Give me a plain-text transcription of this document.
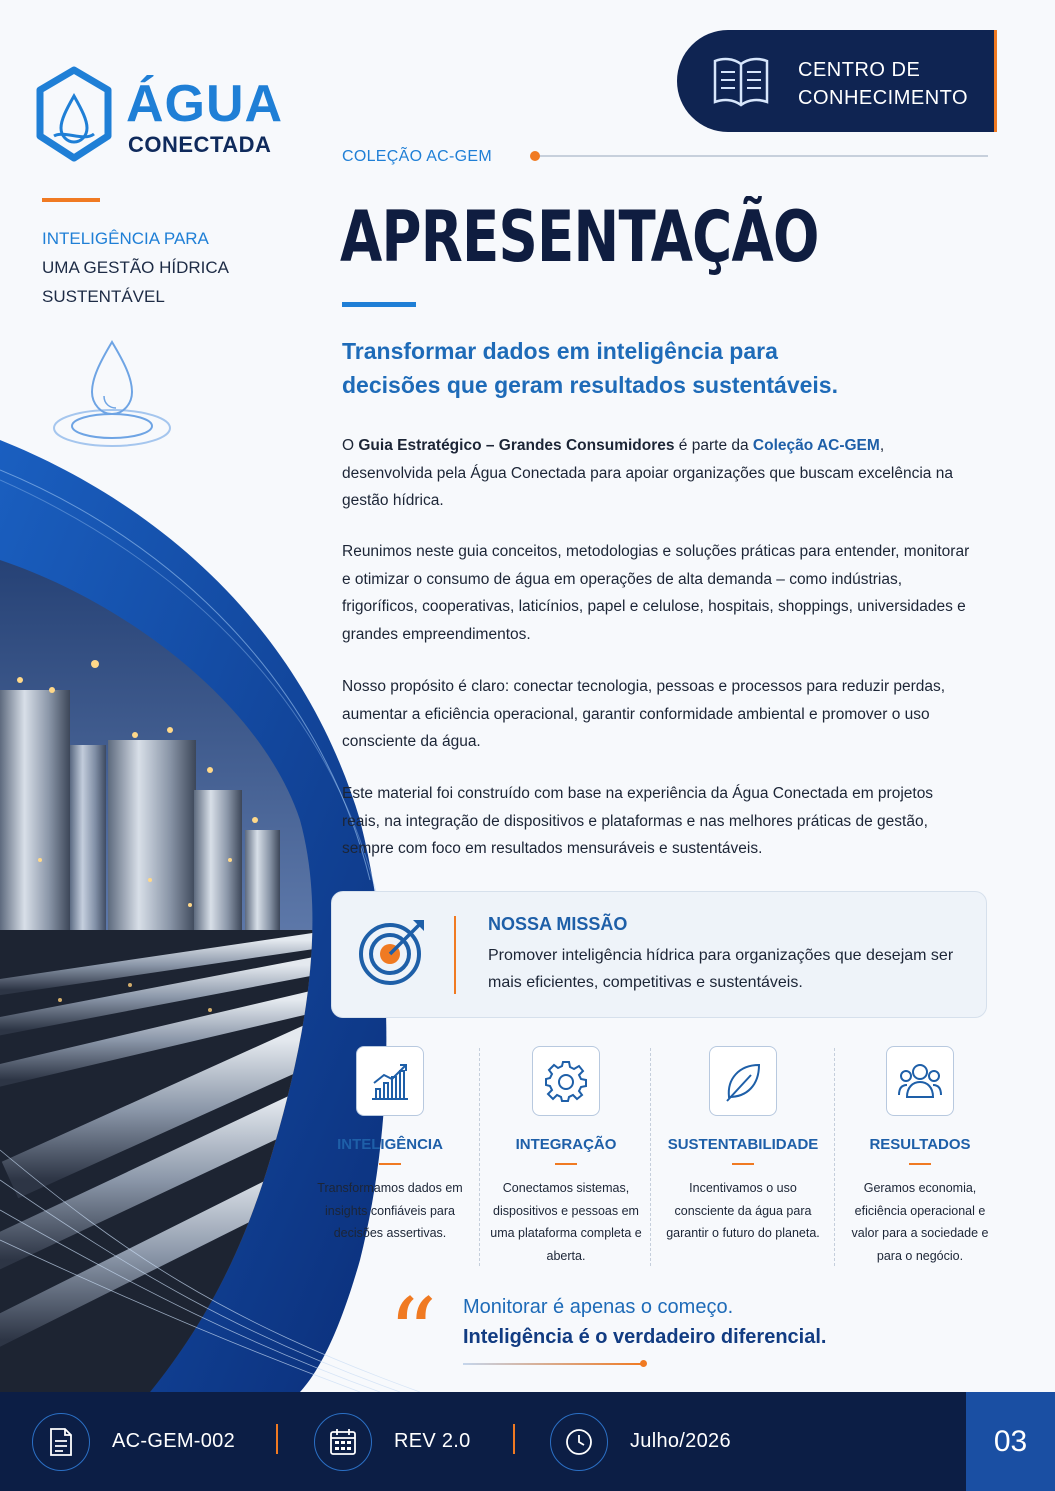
ÁGUA
CONECTADA
INTELIGÊNCIA PARA
UMA GESTÃO HÍDRICA
SUSTENTÁVEL
CENTRO DE
CONHECIMENTO
COLEÇÃO AC-GEM
APRESENTAÇÃO
Transformar dados em inteligência para
decisões que geram resultados sustentáveis.

O Guia Estratégico – Grandes Consumidores é parte da Coleção AC-GEM, desenvolvida pela Água Conectada para apoiar organizações que buscam excelência na gestão hídrica.

Reunimos neste guia conceitos, metodologias e soluções práticas para entender, monitorar e otimizar o consumo de água em operações de alta demanda – como indústrias, frigoríficos, cooperativas, laticínios, papel e celulose, hospitais, shoppings, universidades e grandes empreendimentos.

Nosso propósito é claro: conectar tecnologia, pessoas e processos para reduzir perdas, aumentar a eficiência operacional, garantir conformidade ambiental e promover o uso consciente da água.

Este material foi construído com base na experiência da Água Conectada em projetos reais, na integração de dispositivos e plataformas e nas melhores práticas de gestão, sempre com foco em resultados mensuráveis e sustentáveis.

NOSSA MISSÃO
Promover inteligência hídrica para organizações que desejam ser mais eficientes, competitivas e sustentáveis.
INTELIGÊNCIA
Transformamos dados em insights confiáveis para decisões assertivas.
INTEGRAÇÃO
Conectamos sistemas, dispositivos e pessoas em uma plataforma completa e aberta.
SUSTENTABILIDADE
Incentivamos o uso consciente da água para garantir o futuro do planeta.
RESULTADOS
Geramos economia, eficiência operacional e valor para a sociedade e para o negócio.
“ Monitorar é apenas o começo.
Inteligência é o verdadeiro diferencial.
AC-GEM-002	REV 2.0	Julho/2026	03
